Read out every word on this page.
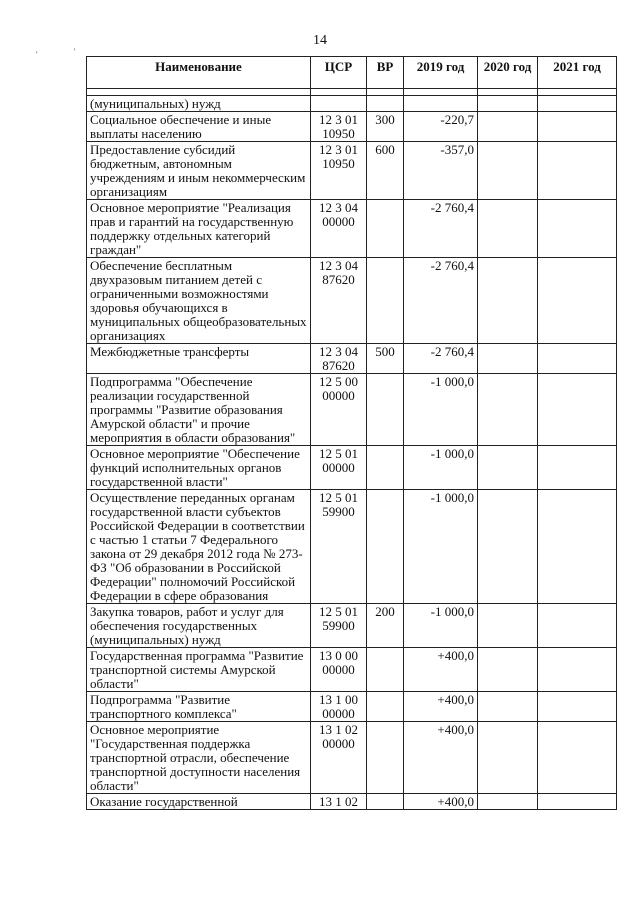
14
'	'
Наименование	ЦСР	ВР	2019 год	2020 год	2021 год

(муниципальных) нужд					
Социальное обеспечение и иные выплаты населению	12 3 01 10950	300	-220,7		
Предоставление субсидий бюджетным, автономным учреждениям и иным некоммерческим организациям	12 3 01 10950	600	-357,0		
Основное мероприятие "Реализация прав и гарантий на государственную поддержку отдельных категорий граждан"	12 3 04 00000		-2 760,4		
Обеспечение бесплатным двухразовым питанием детей с ограниченными возможностями здоровья обучающихся в муниципальных общеобразовательных организациях	12 3 04 87620		-2 760,4		
Межбюджетные трансферты	12 3 04 87620	500	-2 760,4		
Подпрограмма "Обеспечение реализации государственной программы "Развитие образования Амурской области" и прочие мероприятия в области образования"	12 5 00 00000		-1 000,0		
Основное мероприятие "Обеспечение функций исполнительных органов государственной власти"	12 5 01 00000		-1 000,0		
Осуществление переданных органам государственной власти субъектов Российской Федерации в соответствии с частью 1 статьи 7 Федерального закона от 29 декабря 2012 года № 273-ФЗ "Об образовании в Российской Федерации" полномочий Российской Федерации в сфере образования	12 5 01 59900		-1 000,0		
Закупка товаров, работ и услуг для обеспечения государственных (муниципальных) нужд	12 5 01 59900	200	-1 000,0		
Государственная программа "Развитие транспортной системы Амурской области"	13 0 00 00000		+400,0		
Подпрограмма "Развитие транспортного комплекса"	13 1 00 00000		+400,0		
Основное мероприятие "Государственная поддержка транспортной отрасли, обеспечение транспортной доступности населения области"	13 1 02 00000		+400,0		
Оказание государственной	13 1 02		+400,0		
